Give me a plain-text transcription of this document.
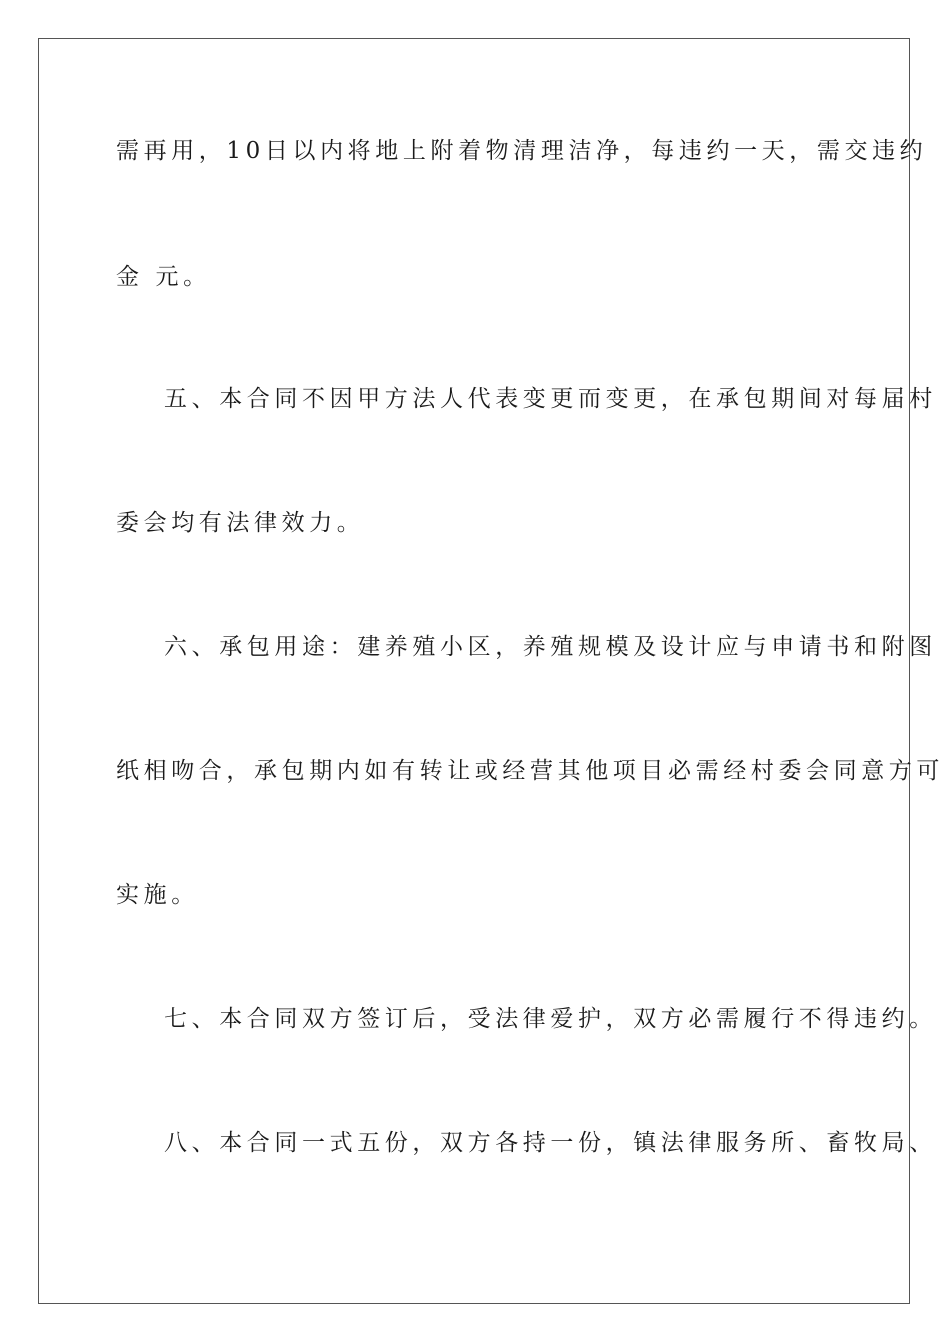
需再用，10日以内将地上附着物清理洁净，每违约一天，需交违约
金 元。
五、本合同不因甲方法人代表变更而变更，在承包期间对每届村
委会均有法律效力。
六、承包用途：建养殖小区，养殖规模及设计应与申请书和附图
纸相吻合，承包期内如有转让或经营其他项目必需经村委会同意方可
实施。
七、本合同双方签订后，受法律爱护，双方必需履行不得违约。
八、本合同一式五份，双方各持一份，镇法律服务所、畜牧局、
